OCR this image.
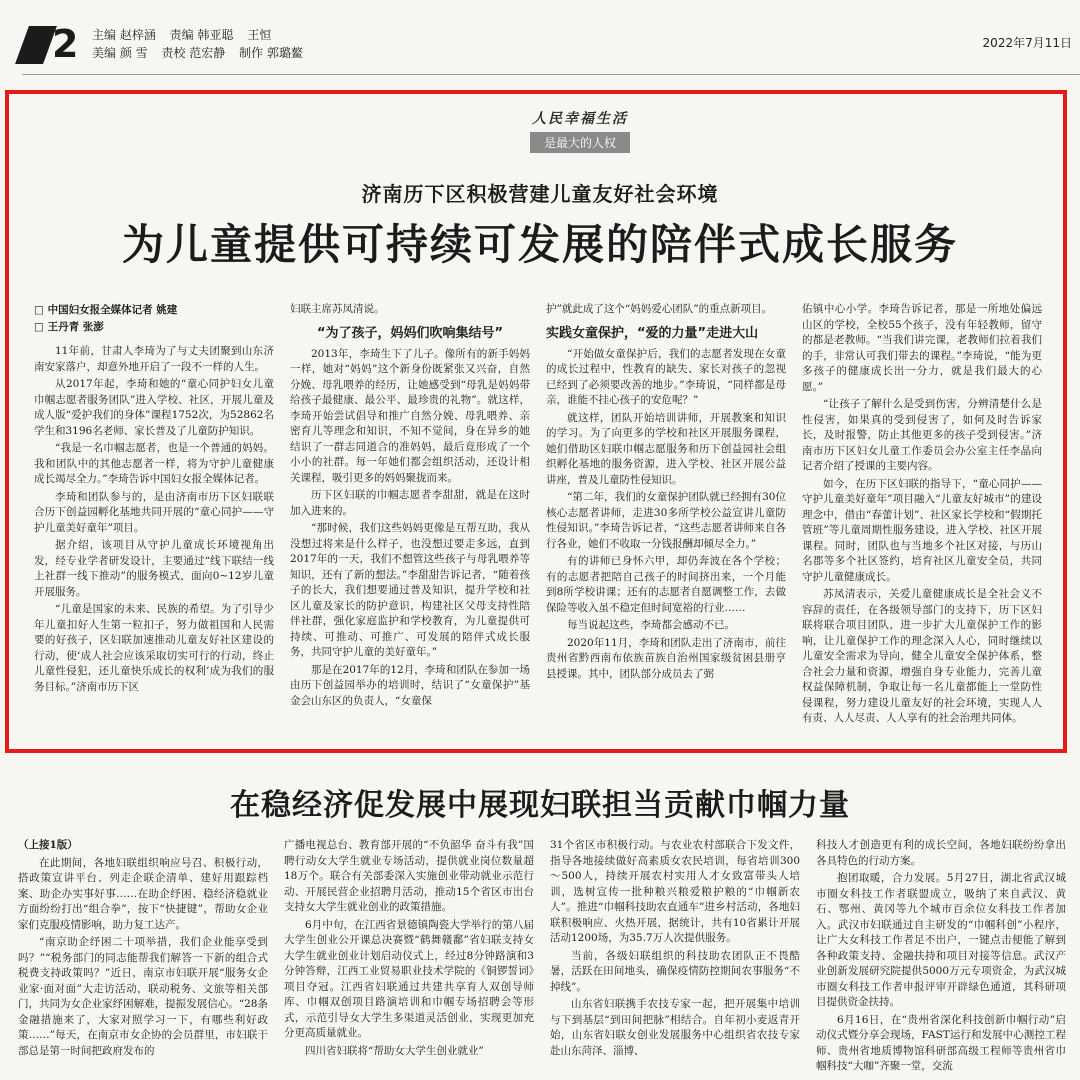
2 主编 赵梓涵 责编 韩亚聪 王恒
美编 颜 雪 责校 范宏静 制作 郭璐鳌
2022年7月11日
人民幸福生活
是最大的人权
济南历下区积极营建儿童友好社会环境
为儿童提供可持续可发展的陪伴式成长服务

□ 中国妇女报全媒体记者 姚建

□ 王丹青 张澎

11年前，甘肃人李琦为了与丈夫团聚到山东济南安家落户，却意外地开启了一段不一样的人生。

从2017年起，李琦和她的“童心同护妇女儿童巾帼志愿者服务团队”进入学校、社区，开展儿童及成人版“爱护我们的身体”课程1752次，为52862名学生和3196名老师、家长普及了儿童防护知识。

“我是一名巾帼志愿者，也是一个普通的妈妈。我和团队中的其他志愿者一样，将为守护儿童健康成长竭尽全力。”李琦告诉中国妇女报全媒体记者。

李琦和团队参与的，是由济南市历下区妇联联合历下创益园孵化基地共同开展的“童心同护——守护儿童美好童年”项目。

据介绍，该项目从守护儿童成长环境视角出发，经专业学者研发设计，主要通过“线下联结一线上社群一线下推动”的服务模式，面向0~12岁儿童开展服务。

“儿童是国家的未来、民族的希望。为了引导少年儿童扣好人生第一粒扣子，努力做祖国和人民需要的好孩子，区妇联加速推动儿童友好社区建设的行动，使‘成人社会应该采取切实可行的行动，终止儿童性侵犯，还儿童快乐成长的权利’成为我们的服务目标。”济南市历下区

妇联主席苏凤清说。

“为了孩子，妈妈们吹响集结号”

2013年，李琦生下了儿子。像所有的新手妈妈一样，她对“妈妈”这个新身份既紧张又兴奋，自然分娩、母乳喂养的经历，让她感受到“母乳是妈妈带给孩子最健康、最公平、最珍贵的礼物”。就这样，李琦开始尝试倡导和推广自然分娩、母乳喂养、亲密育儿等理念和知识，不知不觉间，身在异乡的她结识了一群志同道合的准妈妈，最后竟形成了一个小小的社群。每一年她们都会组织活动，还设计相关课程，吸引更多的妈妈聚拢而来。

历下区妇联的巾帼志愿者李甜甜，就是在这时加入进来的。

“那时候，我们这些妈妈更像是互帮互助，我从没想过将来是什么样子，也没想过要走多远，直到2017年的一天，我们不想管这些孩子与母乳喂养等知识，还有了新的想法。”李甜甜告诉记者，“随着孩子的长大，我们想要通过普及知识，提升学校和社区儿童及家长的防护意识，构建社区父母支持性陪伴社群，强化家庭监护和学校教育，为儿童提供可持续、可推动、可推广、可发展的陪伴式成长服务，共同守护儿童的美好童年。”

那是在2017年的12月，李琦和团队在参加一场由历下创益园举办的培训时，结识了“女童保护”基金会山东区的负责人，“女童保

护”就此成了这个“妈妈爱心团队”的重点新项目。

实践女童保护，“爱的力量”走进大山

“开始做女童保护后，我们的志愿者发现在女童的成长过程中，性教育的缺失、家长对孩子的忽视已经到了必须要改善的地步。”李琦说，“同样都是母亲，谁能不挂心孩子的安危呢？”

就这样，团队开始培训讲师，开展教案和知识的学习。为了向更多的学校和社区开展服务课程，她们借助区妇联巾帼志愿服务和历下创益园社会组织孵化基地的服务资源，进入学校、社区开展公益讲座，普及儿童防性侵知识。

“第二年，我们的女童保护团队就已经拥有30位核心志愿者讲师，走进30多所学校公益宣讲儿童防性侵知识。”李琦告诉记者，“这些志愿者讲师来自各行各业，她们不收取一分钱报酬却倾尽全力。”

有的讲师已身怀六甲，却仍奔波在各个学校；有的志愿者把陪自己孩子的时间挤出来，一个月能到8所学校讲课；还有的志愿者自愿调整工作，去做保险等收入虽不稳定但时间宽裕的行业……

每当说起这些，李琦都会感动不已。

2020年11月，李琦和团队走出了济南市，前往贵州省黔西南布依族苗族自治州国家级贫困县册亨县授课。其中，团队部分成员去了弼

佑镇中心小学。李琦告诉记者，那是一所地处偏远山区的学校，全校55个孩子，没有年轻教师，留守的都是老教师。“当我们讲完课，老教师们拉着我们的手，非常认可我们带去的课程。”李琦说，“能为更多孩子的健康成长出一分力，就是我们最大的心愿。”

“让孩子了解什么是受到伤害，分辨清楚什么是性侵害，如果真的受到侵害了，如何及时告诉家长，及时报警，防止其他更多的孩子受到侵害。”济南市历下区妇女儿童工作委员会办公室主任李晶向记者介绍了授课的主要内容。

如今，在历下区妇联的指导下，“童心同护——守护儿童美好童年”项目融入“儿童友好城市”的建设理念中，借由“春蕾计划”、社区家长学校和“假期托管班”等儿童周期性服务建设，进入学校、社区开展课程。同时，团队也与当地多个社区对接，与历山名郡等多个社区签约，培育社区儿童安全员，共同守护儿童健康成长。

苏凤清表示，关爱儿童健康成长是全社会义不容辞的责任，在各级领导部门的支持下，历下区妇联将联合项目团队，进一步扩大儿童保护工作的影响，让儿童保护工作的理念深入人心，同时继续以儿童安全需求为导向，健全儿童安全保护体系，整合社会力量和资源，增强自身专业能力，完善儿童权益保障机制，争取让每一名儿童都能上一堂防性侵课程，努力建设儿童友好的社会环境，实现人人有责、人人尽责、人人享有的社会治理共同体。

在稳经济促发展中展现妇联担当贡献巾帼力量

（上接1版）

在此期间，各地妇联组织响应号召、积极行动，搭政策宣讲平台、列走企联企清单、建好用跟踪档案、助企办实事好事……在助企纾困、稳经济稳就业方面纷纷打出“组合拳”，按下“快捷键”，帮助女企业家们克服疫情影响，助力复工达产。

“南京助企纾困二十项举措，我们企业能享受到吗？”“税务部门的同志能帮我们解答一下新的组合式税费支持政策吗？”近日，南京市妇联开展“服务女企业家·面对面”大走访活动，联动税务、文旅等相关部门，共同为女企业家纾困解难，提振发展信心。“28条金融措施来了，大家对照学习一下，有哪些利好政策……”每天，在南京市女企协的会员群里，市妇联干部总是第一时间把政府发布的

广播电视总台、教育部开展的“不负韶华 奋斗有我”国聘行动女大学生就业专场活动，提供就业岗位数量超18万个。联合有关部委深入实施创业带动就业示范行动、开展民营企业招聘月活动，推动15个省区市出台支持女大学生就业创业的政策措施。

6月中旬，在江西省景德镇陶瓷大学举行的第八届大学生创业公开课总决赛暨“鹤舞赣鄱”省妇联支持女大学生就业创业计划启动仪式上，经过8分钟路演和3分钟答辩，江西工业贸易职业技术学院的《铜锣誓词》项目夺冠。江西省妇联通过共建共享育人双创导师库、巾帼双创项目路演培训和巾帼专场招聘会等形式，示范引导女大学生多渠道灵活创业，实现更加充分更高质量就业。

四川省妇联将“帮助女大学生创业就业”

31个省区市积极行动。与农业农村部联合下发文件，指导各地接续做好高素质女农民培训，每省培训300～500人，持续开展农村实用人才女致富带头人培训，选树宣传一批种粮兴粮爱粮护粮的“巾帼新农人”。推进“巾帼科技助农直通车”进乡村活动，各地妇联积极响应、火热开展，据统计，共有10省累计开展活动1200场，为35.7万人次提供服务。

当前，各级妇联组织的科技助农团队正不畏酷暑，活跃在田间地头，确保疫情防控期间农事服务“不掉线”。

山东省妇联携手农技专家一起，把开展集中培训与下到基层“到田间把脉”相结合。自年初小麦返青开始，山东省妇联女创业发展服务中心组织省农技专家赴山东菏泽、淄博、

科技人才创造更有利的成长空间，各地妇联纷纷拿出各具特色的行动方案。

抱团取暖，合力发展。5月27日，湖北省武汉城市圈女科技工作者联盟成立，吸纳了来自武汉、黄石、鄂州、黄冈等九个城市百余位女科技工作者加入。武汉市妇联通过自主研发的“巾帼科创”小程序，让广大女科技工作者足不出户，一键点击便能了解到各种政策支持、金融扶持和项目对接等信息。武汉产业创新发展研究院提供5000万元专项资金，为武汉城市圈女科技工作者申报评审开辟绿色通道，其科研项目提供资金扶持。

6月16日，在“贵州省深化科技创新巾帼行动”启动仪式暨分享会现场，FAST运行和发展中心测控工程师、贵州省地质博物馆科研部高级工程师等贵州省巾帼科技“大咖”齐聚一堂，交流
